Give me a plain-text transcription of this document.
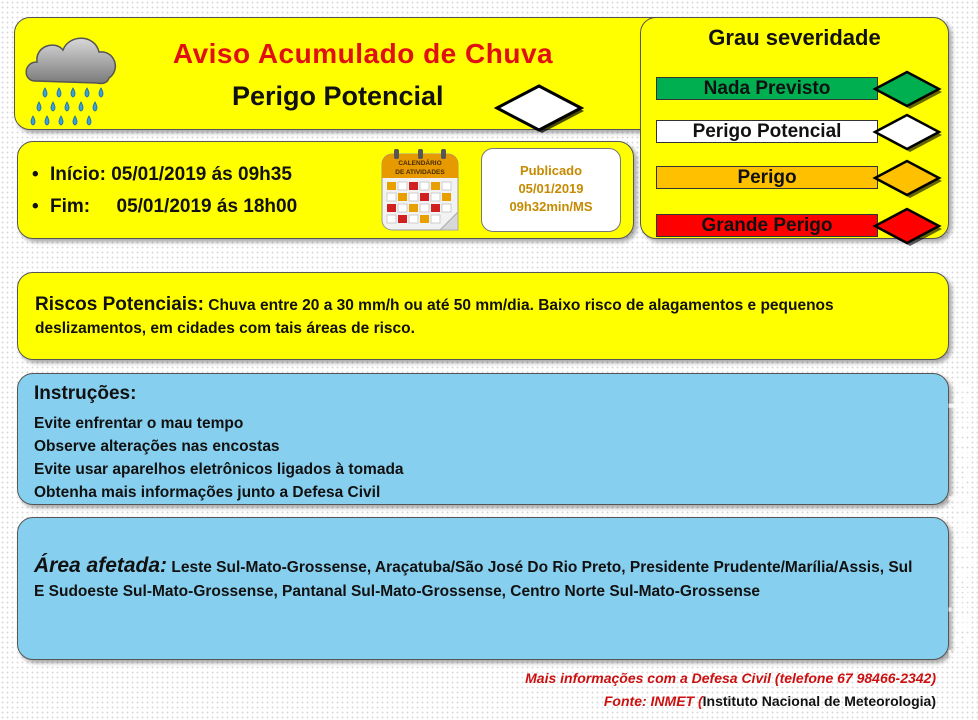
Aviso Acumulado de Chuva
Perigo Potencial
• Início: 05/01/2019 ás 09h35
• Fim: 05/01/2019 ás 18h00
CALENDÁRIO
DE ATIVIDADES	Publicado
05/01/2019
09h32min/MS
Grau severidade
Nada Previsto
Perigo Potencial
Perigo
Grande Perigo
Riscos Potenciais: Chuva entre 20 a 30 mm/h ou até 50 mm/dia. Baixo risco de alagamentos e pequenos deslizamentos, em cidades com tais áreas de risco.
Instruções:
Evite enfrentar o mau tempo
Observe alterações nas encostas
Evite usar aparelhos eletrônicos ligados à tomada
Obtenha mais informações junto a Defesa Civil
Área afetada: Leste Sul-Mato-Grossense, Araçatuba/São José Do Rio Preto, Presidente Prudente/Marília/Assis, Sul E Sudoeste Sul-Mato-Grossense, Pantanal Sul-Mato-Grossense, Centro Norte Sul-Mato-Grossense	fcaiuspeed.com.br
Mais informações com a Defesa Civil (telefone 67 98466-2342)
Fonte: INMET (Instituto Nacional de Meteorologia)
